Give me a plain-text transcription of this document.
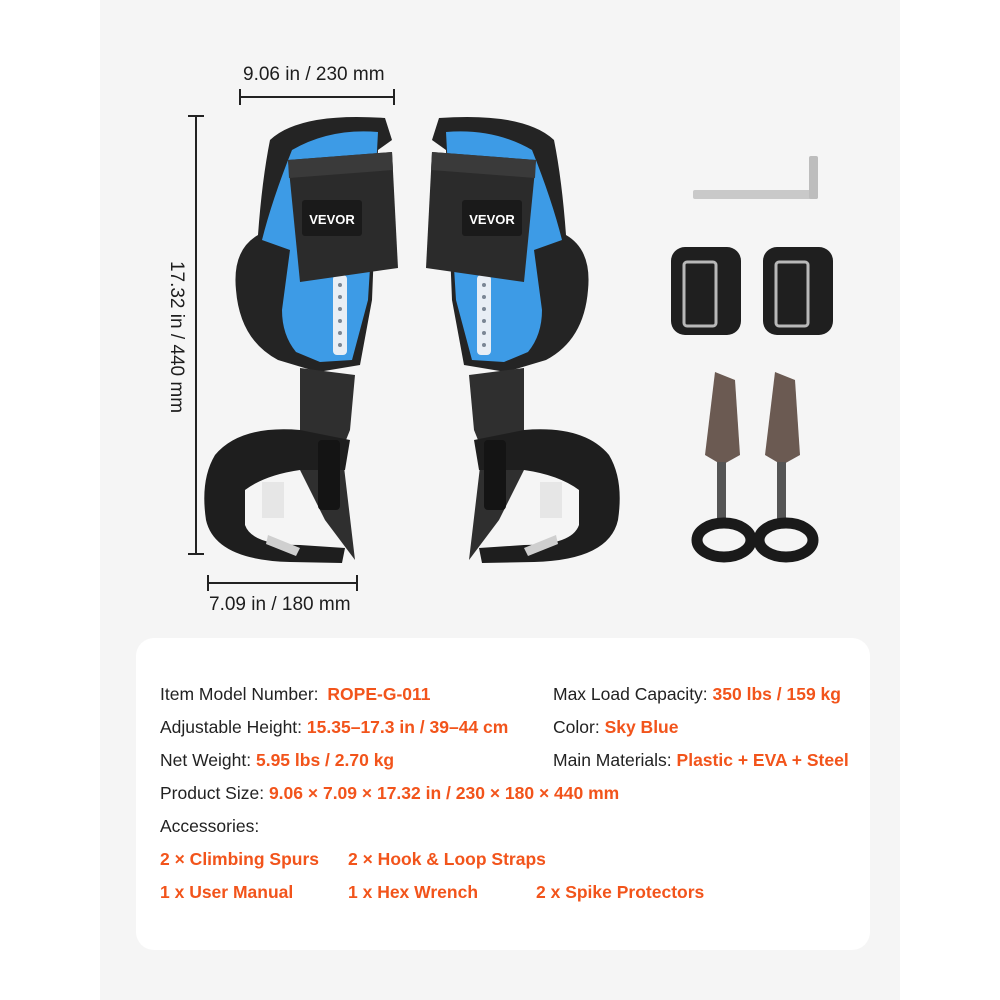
VEVOR	VEVOR
9.06 in / 230 mm
17.32 in / 440 mm
7.09 in / 180 mm
Item Model Number: ROPE-G-011	Max Load Capacity: 350 lbs / 159 kg
Adjustable Height: 15.35–17.3 in / 39–44 cm	Color: Sky Blue
Net Weight: 5.95 lbs / 2.70 kg	Main Materials: Plastic + EVA + Steel
Product Size: 9.06 × 7.09 × 17.32 in / 230 × 180 × 440 mm
Accessories:
2 × Climbing Spurs 2 × Hook & Loop Straps
1 x User Manual	1 x Hex Wrench	2 x Spike Protectors
